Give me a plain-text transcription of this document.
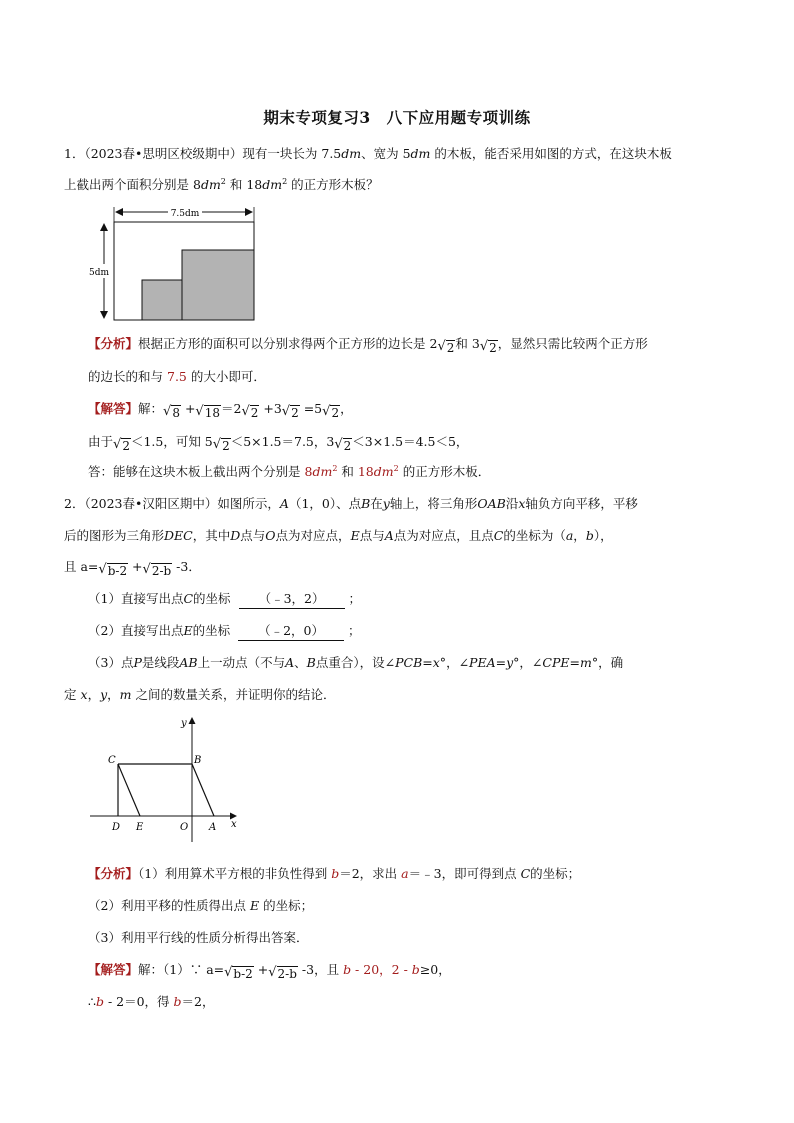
期末专项复习3　八下应用题专项训练
1．（2023春•思明区校级期中）现有一块长为 7.5dm、宽为 5dm 的木板，能否采用如图的方式，在这块木板
上截出两个面积分别是 $8dm^2$ 和 $18dm^2$ 的正方形木板？
7.5dm
5dm
【分析】根据正方形的面积可以分别求得两个正方形的边长是 2 √ 2 和 3 √ 2 ，显然只需比较两个正方形
的边长的和与 7.5 的大小即可．
【解答】解： √ 8 + √ 18 ＝2 √ 2 +3 √ 2 =5 √ 2 ，
由于 √ 2 ＜1.5，可知 5 √ 2 ＜5×1.5＝7.5，3 √ 2 ＜3×1.5＝4.5＜5，
答：能够在这块木板上截出两个分别是 $8dm^2$ 和 $18dm^2$ 的正方形木板．
2．（2023春•汉阳区期中）如图所示，A（1，0）、点B在y轴上，将三角形OAB沿x轴负方向平移，平移
后的图形为三角形DEC，其中D点与O点为对应点，E点与A点为对应点，且点C的坐标为（a，b），
且 a= √ b-2 + √ 2-b -3．
（1）直接写出点C的坐标 （﹣3，2） ；
（2）直接写出点E的坐标 （﹣2，0） ；
（3）点P是线段AB上一动点（不与A、B点重合），设∠PCB=x°，∠PEA=y°，∠CPE=m°，确
定 x，y，m 之间的数量关系，并证明你的结论．
y
x
C	B
D E	O A
【分析】（1）利用算术平方根的非负性得到 b＝2，求出 a＝﹣3，即可得到点 C的坐标；
（2）利用平移的性质得出点 E 的坐标；
（3）利用平行线的性质分析得出答案．
【解答】解：（1）∵ a= √ b-2 + √ 2-b -3，且 b - 20，2 - b≥0，
∴b - 2＝0，得 b＝2，
